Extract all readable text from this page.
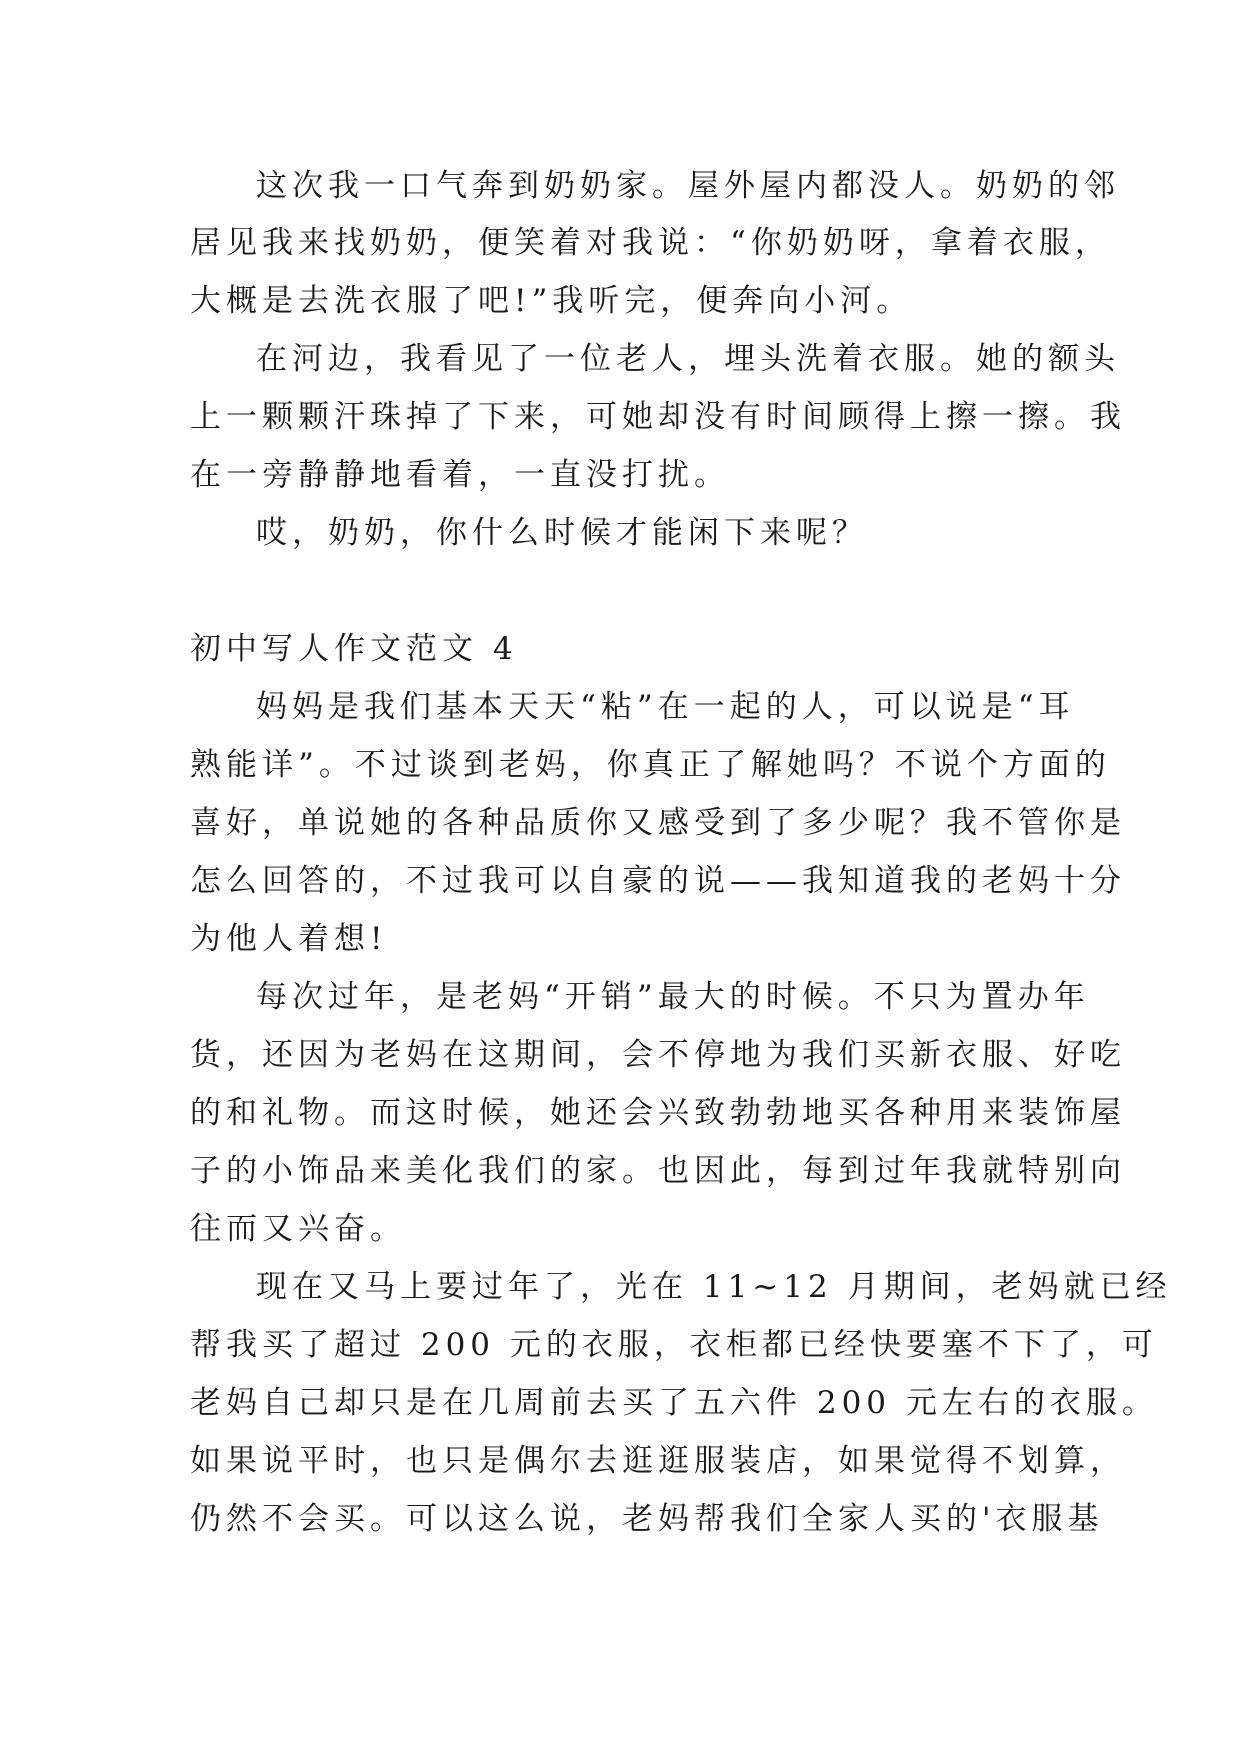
这次我一口气奔到奶奶家。屋外屋内都没人。奶奶的邻
居见我来找奶奶，便笑着对我说：“你奶奶呀，拿着衣服，
大概是去洗衣服了吧!”我听完，便奔向小河。
在河边，我看见了一位老人，埋头洗着衣服。她的额头
上一颗颗汗珠掉了下来，可她却没有时间顾得上擦一擦。我
在一旁静静地看着，一直没打扰。
哎，奶奶，你什么时候才能闲下来呢？
初中写人作文范文 4
妈妈是我们基本天天“粘”在一起的人，可以说是“耳
熟能详”。不过谈到老妈，你真正了解她吗？不说个方面的
喜好，单说她的各种品质你又感受到了多少呢？我不管你是
怎么回答的，不过我可以自豪的说——我知道我的老妈十分
为他人着想!
每次过年，是老妈“开销”最大的时候。不只为置办年
货，还因为老妈在这期间，会不停地为我们买新衣服、好吃
的和礼物。而这时候，她还会兴致勃勃地买各种用来装饰屋
子的小饰品来美化我们的家。也因此，每到过年我就特别向
往而又兴奋。
现在又马上要过年了，光在 11~12 月期间，老妈就已经
帮我买了超过 200 元的衣服，衣柜都已经快要塞不下了，可
老妈自己却只是在几周前去买了五六件 200 元左右的衣服。
如果说平时，也只是偶尔去逛逛服装店，如果觉得不划算，
仍然不会买。可以这么说，老妈帮我们全家人买的'衣服基
